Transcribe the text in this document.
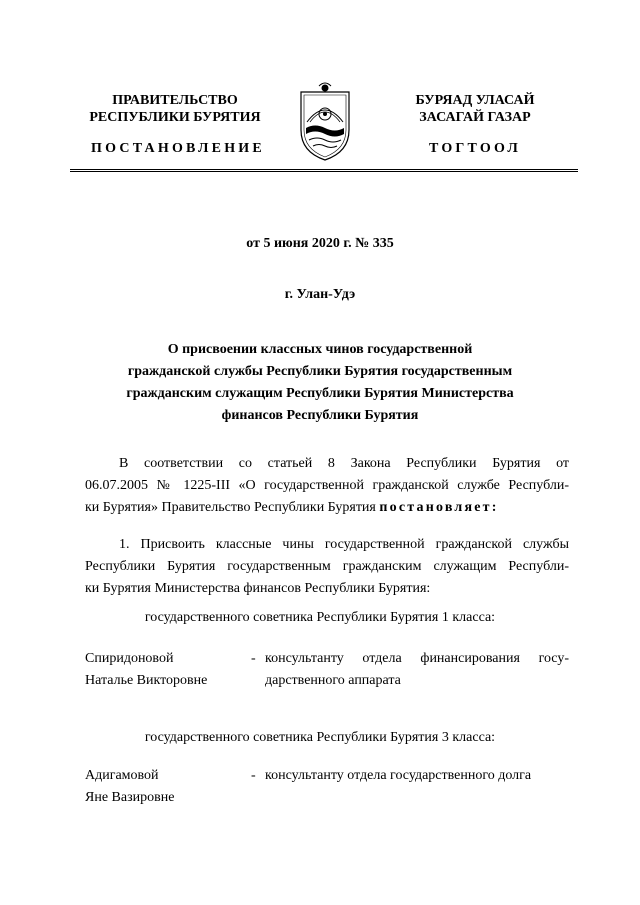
ПРАВИТЕЛЬСТВО
РЕСПУБЛИКИ БУРЯТИЯ
БУРЯАД УЛАСАЙ
ЗАСАГАЙ ГАЗАР
ПОСТАНОВЛЕНИЕ	ТОГТООЛ
от 5 июня 2020 г. № 335
г. Улан-Удэ
О присвоении классных чинов государственной
гражданской службы Республики Бурятия государственным
гражданским служащим Республики Бурятия Министерства
финансов Республики Бурятия
В соответствии со статьей 8 Закона Республики Бурятия от
06.07.2005 № 1225-III «О государственной гражданской службе Республи-
ки Бурятия» Правительство Республики Бурятия постановляет:
1. Присвоить классные чины государственной гражданской службы
Республики Бурятия государственным гражданским служащим Республи-
ки Бурятия Министерства финансов Республики Бурятия:
государственного советника Республики Бурятия 1 класса:
Спиридоновой
Наталье Викторовне
- консультанту отдела финансирования госу-
дарственного аппарата
государственного советника Республики Бурятия 3 класса:
Адигамовой
Яне Вазировне
- консультанту отдела государственного долга
